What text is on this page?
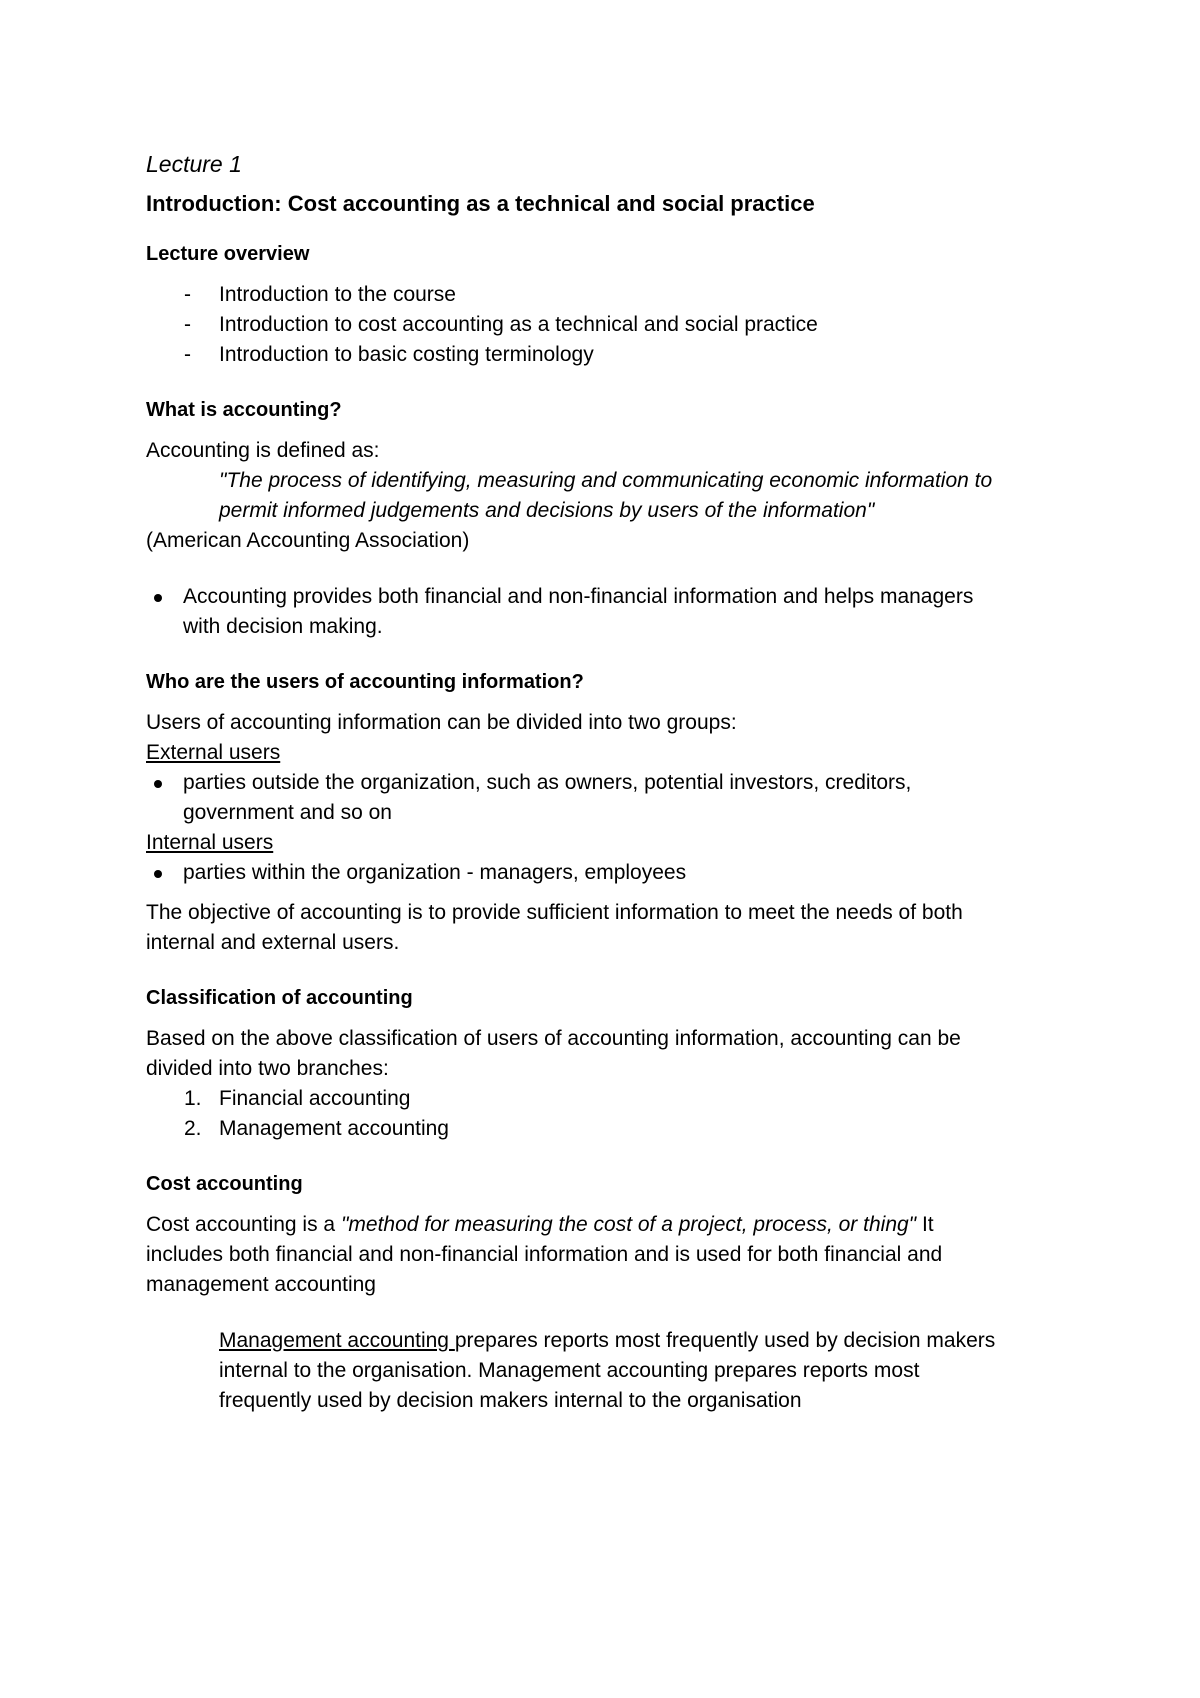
Lecture 1
Introduction: Cost accounting as a technical and social practice
Lecture overview
- Introduction to the course
- Introduction to cost accounting as a technical and social practice
- Introduction to basic costing terminology
What is accounting?

Accounting is defined as:

"The process of identifying, measuring and communicating economic information to

permit informed judgements and decisions by users of the information"

(American Accounting Association)

Accounting provides both financial and non-financial information and helps managers
with decision making.
Who are the users of accounting information?

Users of accounting information can be divided into two groups:

External users

parties outside the organization, such as owners, potential investors, creditors,
government and so on

Internal users

parties within the organization - managers, employees

The objective of accounting is to provide sufficient information to meet the needs of both

internal and external users.

Classification of accounting

Based on the above classification of users of accounting information, accounting can be

divided into two branches:

1. Financial accounting
2. Management accounting
Cost accounting

Cost accounting is a "method for measuring the cost of a project, process, or thing" It

includes both financial and non-financial information and is used for both financial and

management accounting

Management accounting prepares reports most frequently used by decision makers

internal to the organisation. Management accounting prepares reports most

frequently used by decision makers internal to the organisation
